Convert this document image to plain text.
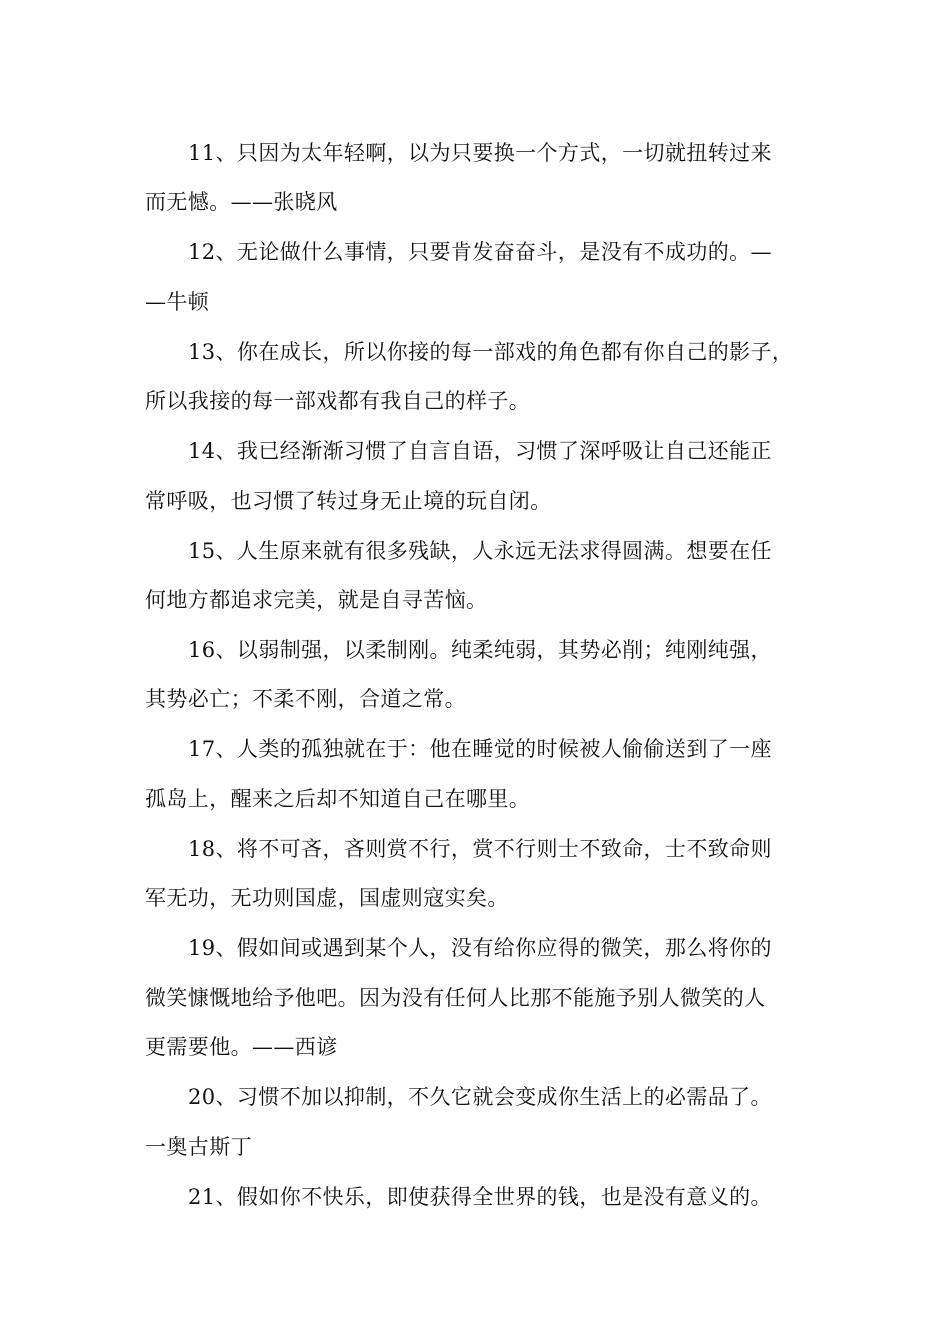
11、只因为太年轻啊，以为只要换一个方式，一切就扭转过来
而无憾。——张晓风
12、无论做什么事情，只要肯发奋奋斗，是没有不成功的。—
—牛顿
13、你在成长，所以你接的每一部戏的角色都有你自己的影子，
所以我接的每一部戏都有我自己的样子。
14、我已经渐渐习惯了自言自语，习惯了深呼吸让自己还能正
常呼吸，也习惯了转过身无止境的玩自闭。
15、人生原来就有很多残缺，人永远无法求得圆满。想要在任
何地方都追求完美，就是自寻苦恼。
16、以弱制强，以柔制刚。纯柔纯弱，其势必削；纯刚纯强，
其势必亡；不柔不刚，合道之常。
17、人类的孤独就在于：他在睡觉的时候被人偷偷送到了一座
孤岛上，醒来之后却不知道自己在哪里。
18、将不可吝，吝则赏不行，赏不行则士不致命，士不致命则
军无功，无功则国虚，国虚则寇实矣。
19、假如间或遇到某个人，没有给你应得的微笑，那么将你的
微笑慷慨地给予他吧。因为没有任何人比那不能施予别人微笑的人
更需要他。——西谚
20、习惯不加以抑制，不久它就会变成你生活上的必需品了。
一奥古斯丁
21、假如你不快乐，即使获得全世界的钱，也是没有意义的。
